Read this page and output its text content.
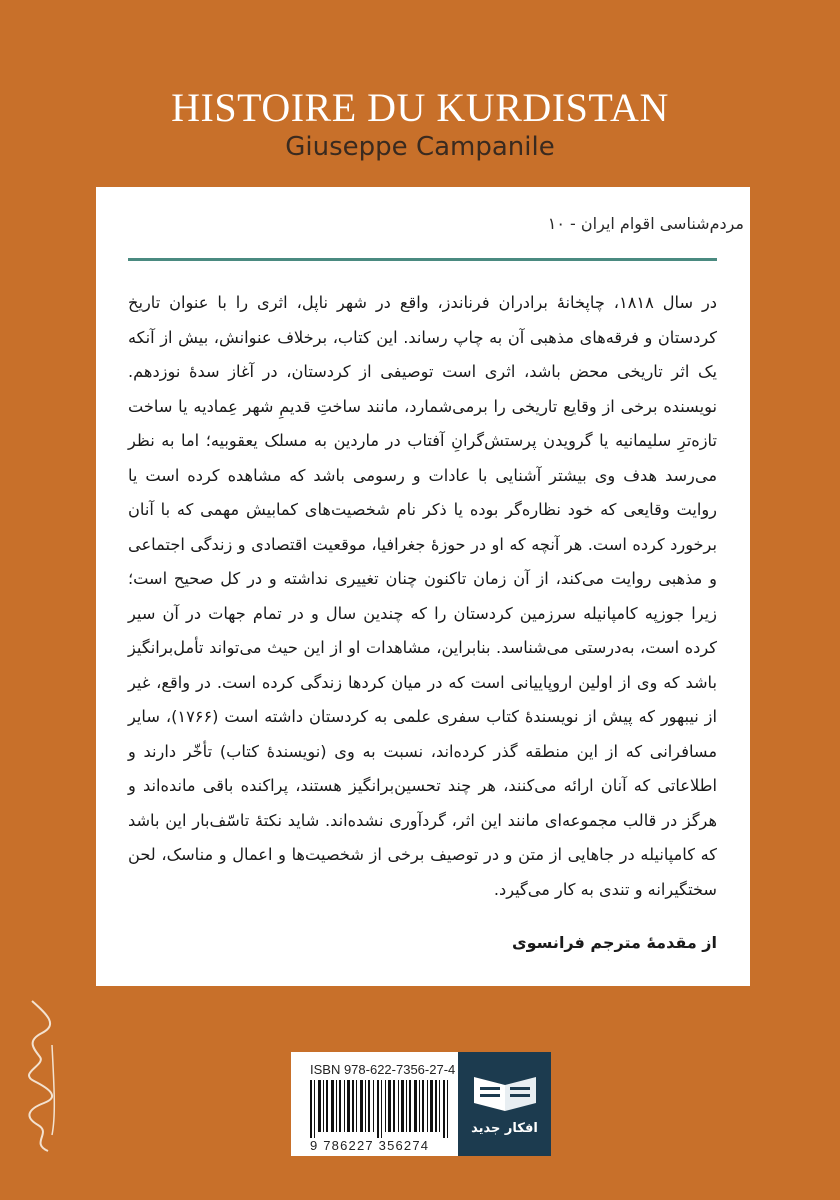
HISTOIRE DU KURDISTAN
Giuseppe Campanile
مردم‌شناسی اقوام ایران - ۱۰
در سال ۱۸۱۸، چاپخانهٔ برادران فرناندز، واقع در شهر ناپل، اثری را با عنوان تاریخ کردستان و فرقه‌های مذهبی آن به چاپ رساند. این کتاب، برخلاف عنوانش، بیش از آنکه یک اثر تاریخی محض باشد، اثری است توصیفی از کردستان، در آغاز سدهٔ نوزدهم. نویسنده برخی از وقایع تاریخی را برمی‌شمارد، مانند ساختِ قدیمِ شهر عِمادیه یا ساخت تازه‌ترِ سلیمانیه یا گرویدن پرستش‌گرانِ آفتاب در ماردین به مسلک یعقوبیه؛ اما به نظر می‌رسد هدف وی بیشتر آشنایی با عادات و رسومی باشد که مشاهده کرده است یا روایت وقایعی که خود نظاره‌گر بوده یا ذکر نام شخصیت‌های کمابیش مهمی که با آنان برخورد کرده است. هر آنچه که او در حوزهٔ جغرافیا، موقعیت اقتصادی و زندگی اجتماعی و مذهبی روایت می‌کند، از آن زمان تاکنون چنان تغییری نداشته و در کل صحیح است؛ زیرا جوزپه کامپانیله سرزمین کردستان را که چندین سال و در تمام جهات در آن سیر کرده است، به‌درستی می‌شناسد. بنابراین، مشاهدات او از این حیث می‌تواند تأمل‌برانگیز باشد که وی از اولین اروپاییانی است که در میان کردها زندگی کرده است. در واقع، غیر از نیبهور که پیش از نویسندهٔ کتاب سفری علمی به کردستان داشته است (۱۷۶۶)، سایر مسافرانی که از این منطقه گذر کرده‌اند، نسبت به وی (نویسندهٔ کتاب) تأخّر دارند و اطلاعاتی که آنان ارائه می‌کنند، هر چند تحسین‌برانگیز هستند، پراکنده باقی مانده‌اند و هرگز در قالب مجموعه‌ای مانند این اثر، گردآوری نشده‌اند. شاید نکتهٔ تاسّف‌بار این باشد که کامپانیله در جاهایی از متن و در توصیف برخی از شخصیت‌ها و اعمال و مناسک، لحن سختگیرانه و تندی به کار می‌گیرد.
از مقدمهٔ مترجم فرانسوی
ISBN 978-622-7356-27-4
9 786227 356274
افکار جدید
